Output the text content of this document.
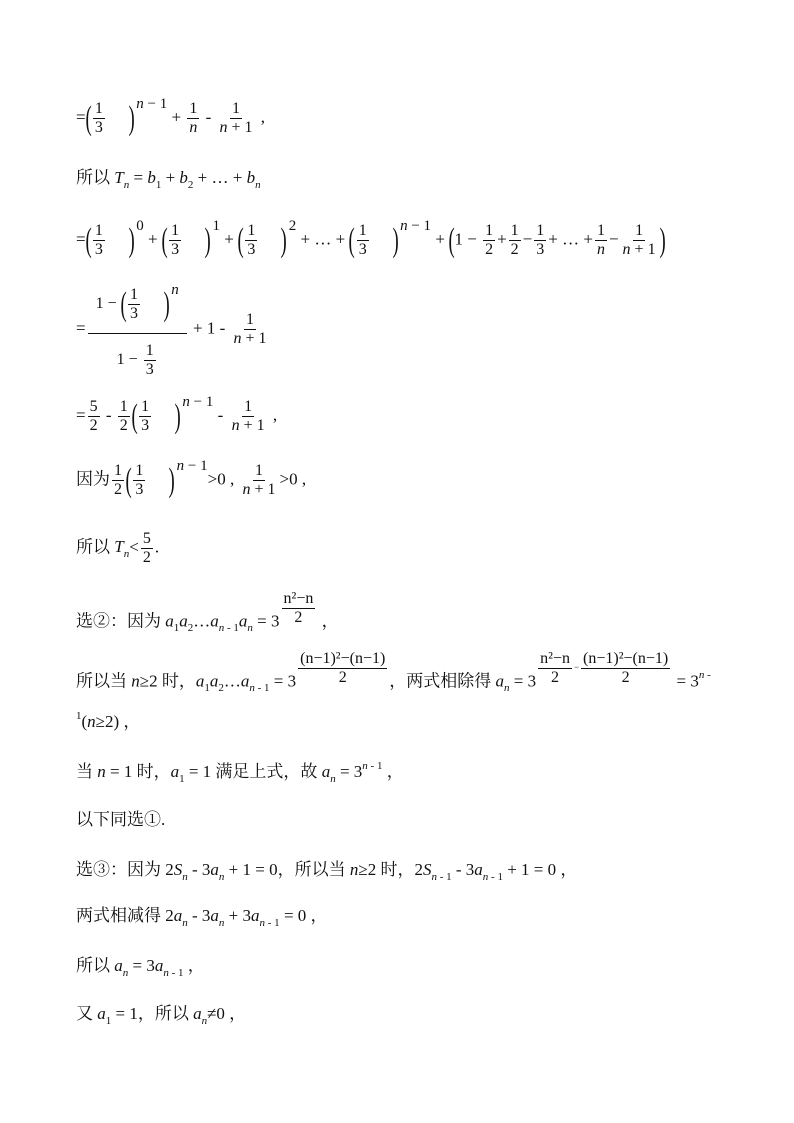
=( $\frac{1}{3}$ ) $n - 1 + \frac{1}{n} - \frac{1}{n + 1}$ ,
所以 $T_n = b_1 + b_2$ + … + $b_n$
=( $\frac{1}{3}$ ) 0 + ( $\frac{1}{3}$ ) 1 + ( $\frac{1}{3}$ ) 2 + … + ( $\frac{1}{3}$ ) $n - 1 + (1 - \frac{1}{2} + \frac{1}{2} - \frac{1}{3}$ + … + $\frac{1}{n} - \frac{1}{n + 1}$ )
= $\frac{1 - ( \frac{1}{3} ) n}{1 - \frac{1}{3}} + 1 - \frac{1}{n + 1}$
= $\frac{5}{2} - \frac{1}{2}$ ( $\frac{1}{3}$ ) $n - 1 - \frac{1}{n + 1}$ ,
因为 $\frac{1}{2}$ ( $\frac{1}{3}$ ) n − 1>0 , $\frac{1}{n + 1} >0$ ,
所以 $T_n< \frac{5}{2}$ .
选②：因为 $a_1a_2\dots a_{n - 1}a_n = 3 \frac{\text{n²−n}}{2}$ ，
所以当 n≥2 时，$a_1a_2\dots a_{n - 1} = 3 \frac{\text{(n−1)²−(n−1)}}{2}$ ，两式相除得 $a_n = 3 \frac{\text{n²−n}}{2} ^- \frac{\text{(n−1)²−(n−1)}}{2} = 3^{n -}$
$^1$(n≥2) ，
当 n = 1 时，$a_1 = 1$ 满足上式，故 $a_n = 3^{n - 1}$ ，
以下同选①.
选③：因为 $2S_n - 3a_n + 1 = 0$，所以当 n≥2 时，$2S_{n - 1} - 3a_{n - 1} + 1 = 0$ ，
两式相减得 $2a_n - 3a_n + 3a_{n - 1} = 0$ ，
所以 $a_n = 3a_{n - 1}$ ，
又 $a_1 = 1$，所以 $a_n\ne 0$ ，
